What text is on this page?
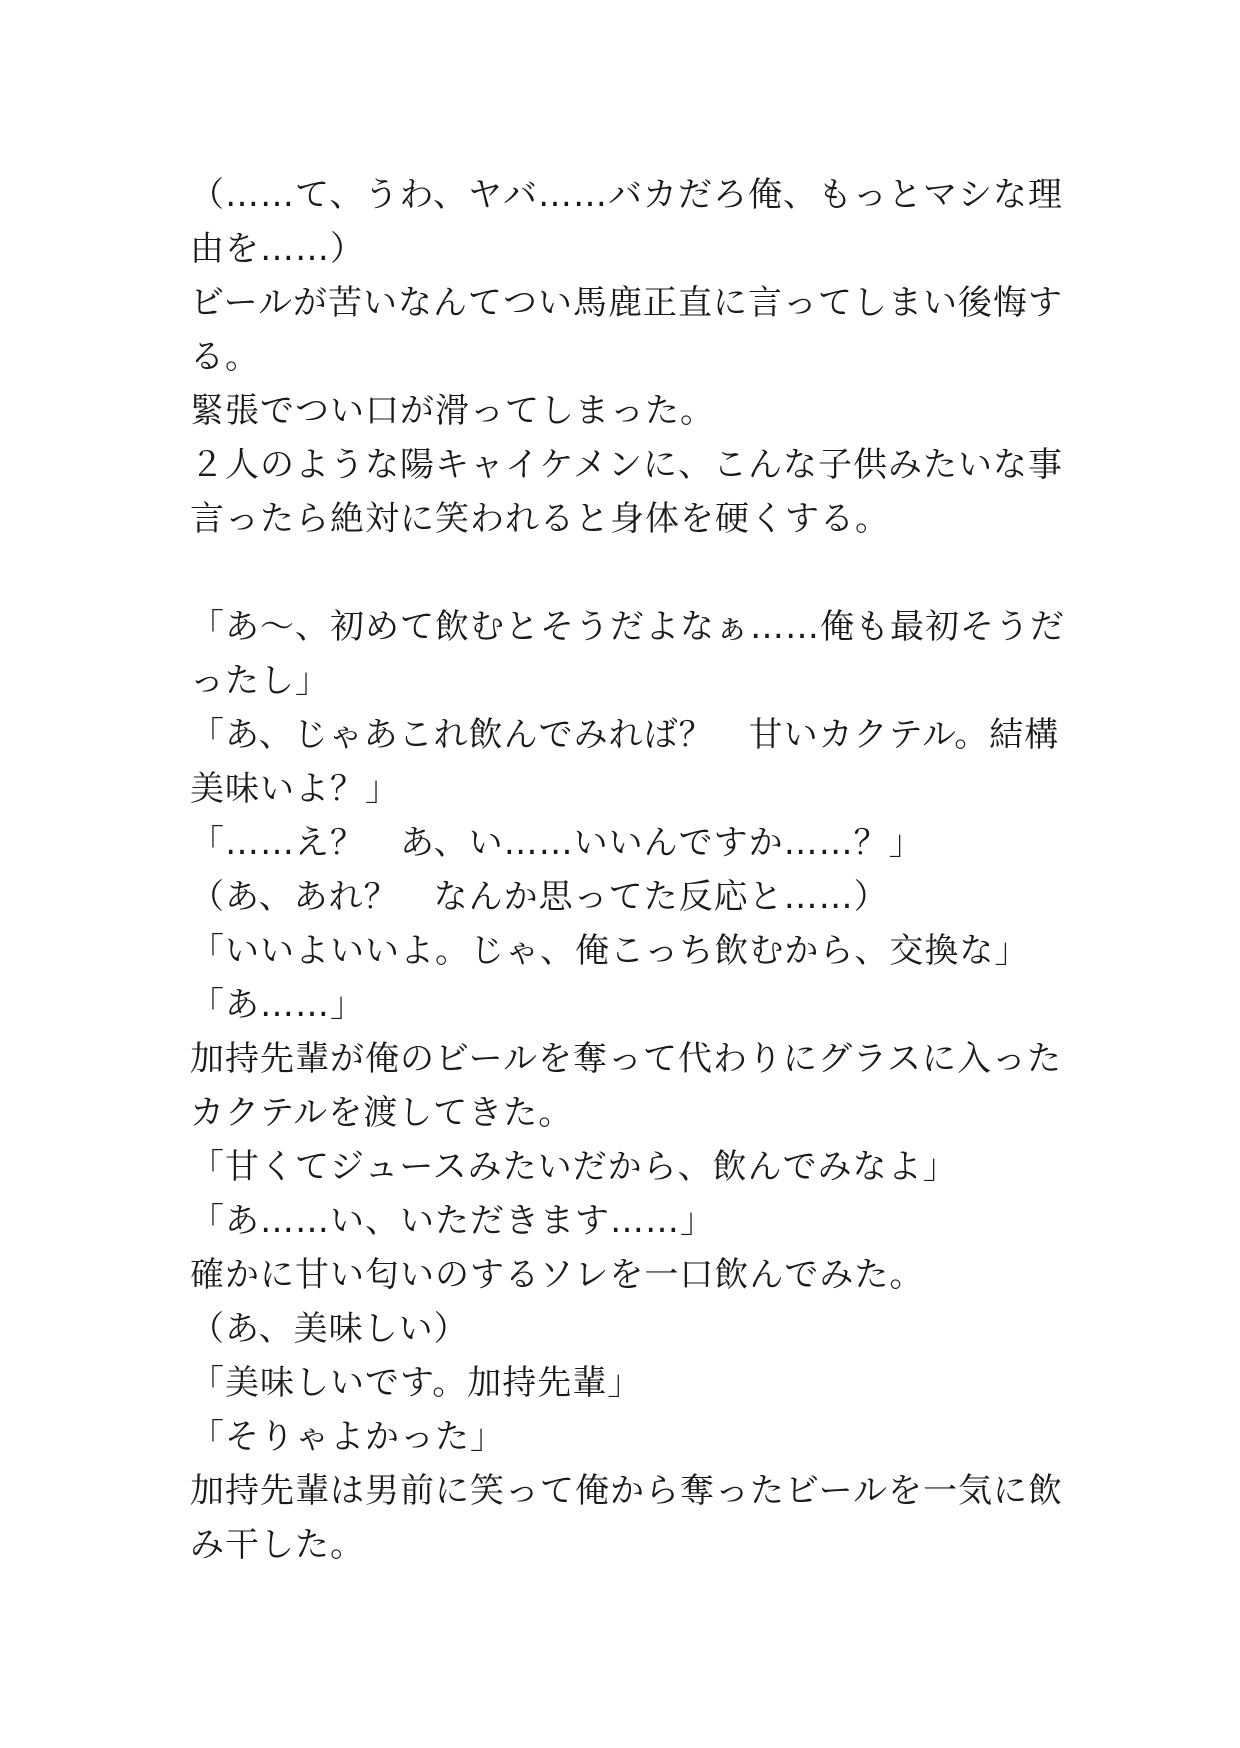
（……て、うわ、ヤバ……バカだろ俺、もっとマシな理由を……）

ビールが苦いなんてつい馬鹿正直に言ってしまい後悔する。

緊張でつい口が滑ってしまった。

２人のような陽キャイケメンに、こんな子供みたいな事言ったら絶対に笑われると身体を硬くする。

「あ～、初めて飲むとそうだよなぁ……俺も最初そうだったし」

「あ、じゃあこれ飲んでみれば？　甘いカクテル。結構美味いよ？」

「……え？　あ、い……いいんですか……？」

（あ、あれ？　なんか思ってた反応と……）

「いいよいいよ。じゃ、俺こっち飲むから、交換な」

「あ……」

加持先輩が俺のビールを奪って代わりにグラスに入ったカクテルを渡してきた。

「甘くてジュースみたいだから、飲んでみなよ」

「あ……い、いただきます……」

確かに甘い匂いのするソレを一口飲んでみた。

（あ、美味しい）

「美味しいです。加持先輩」

「そりゃよかった」

加持先輩は男前に笑って俺から奪ったビールを一気に飲み干した。
